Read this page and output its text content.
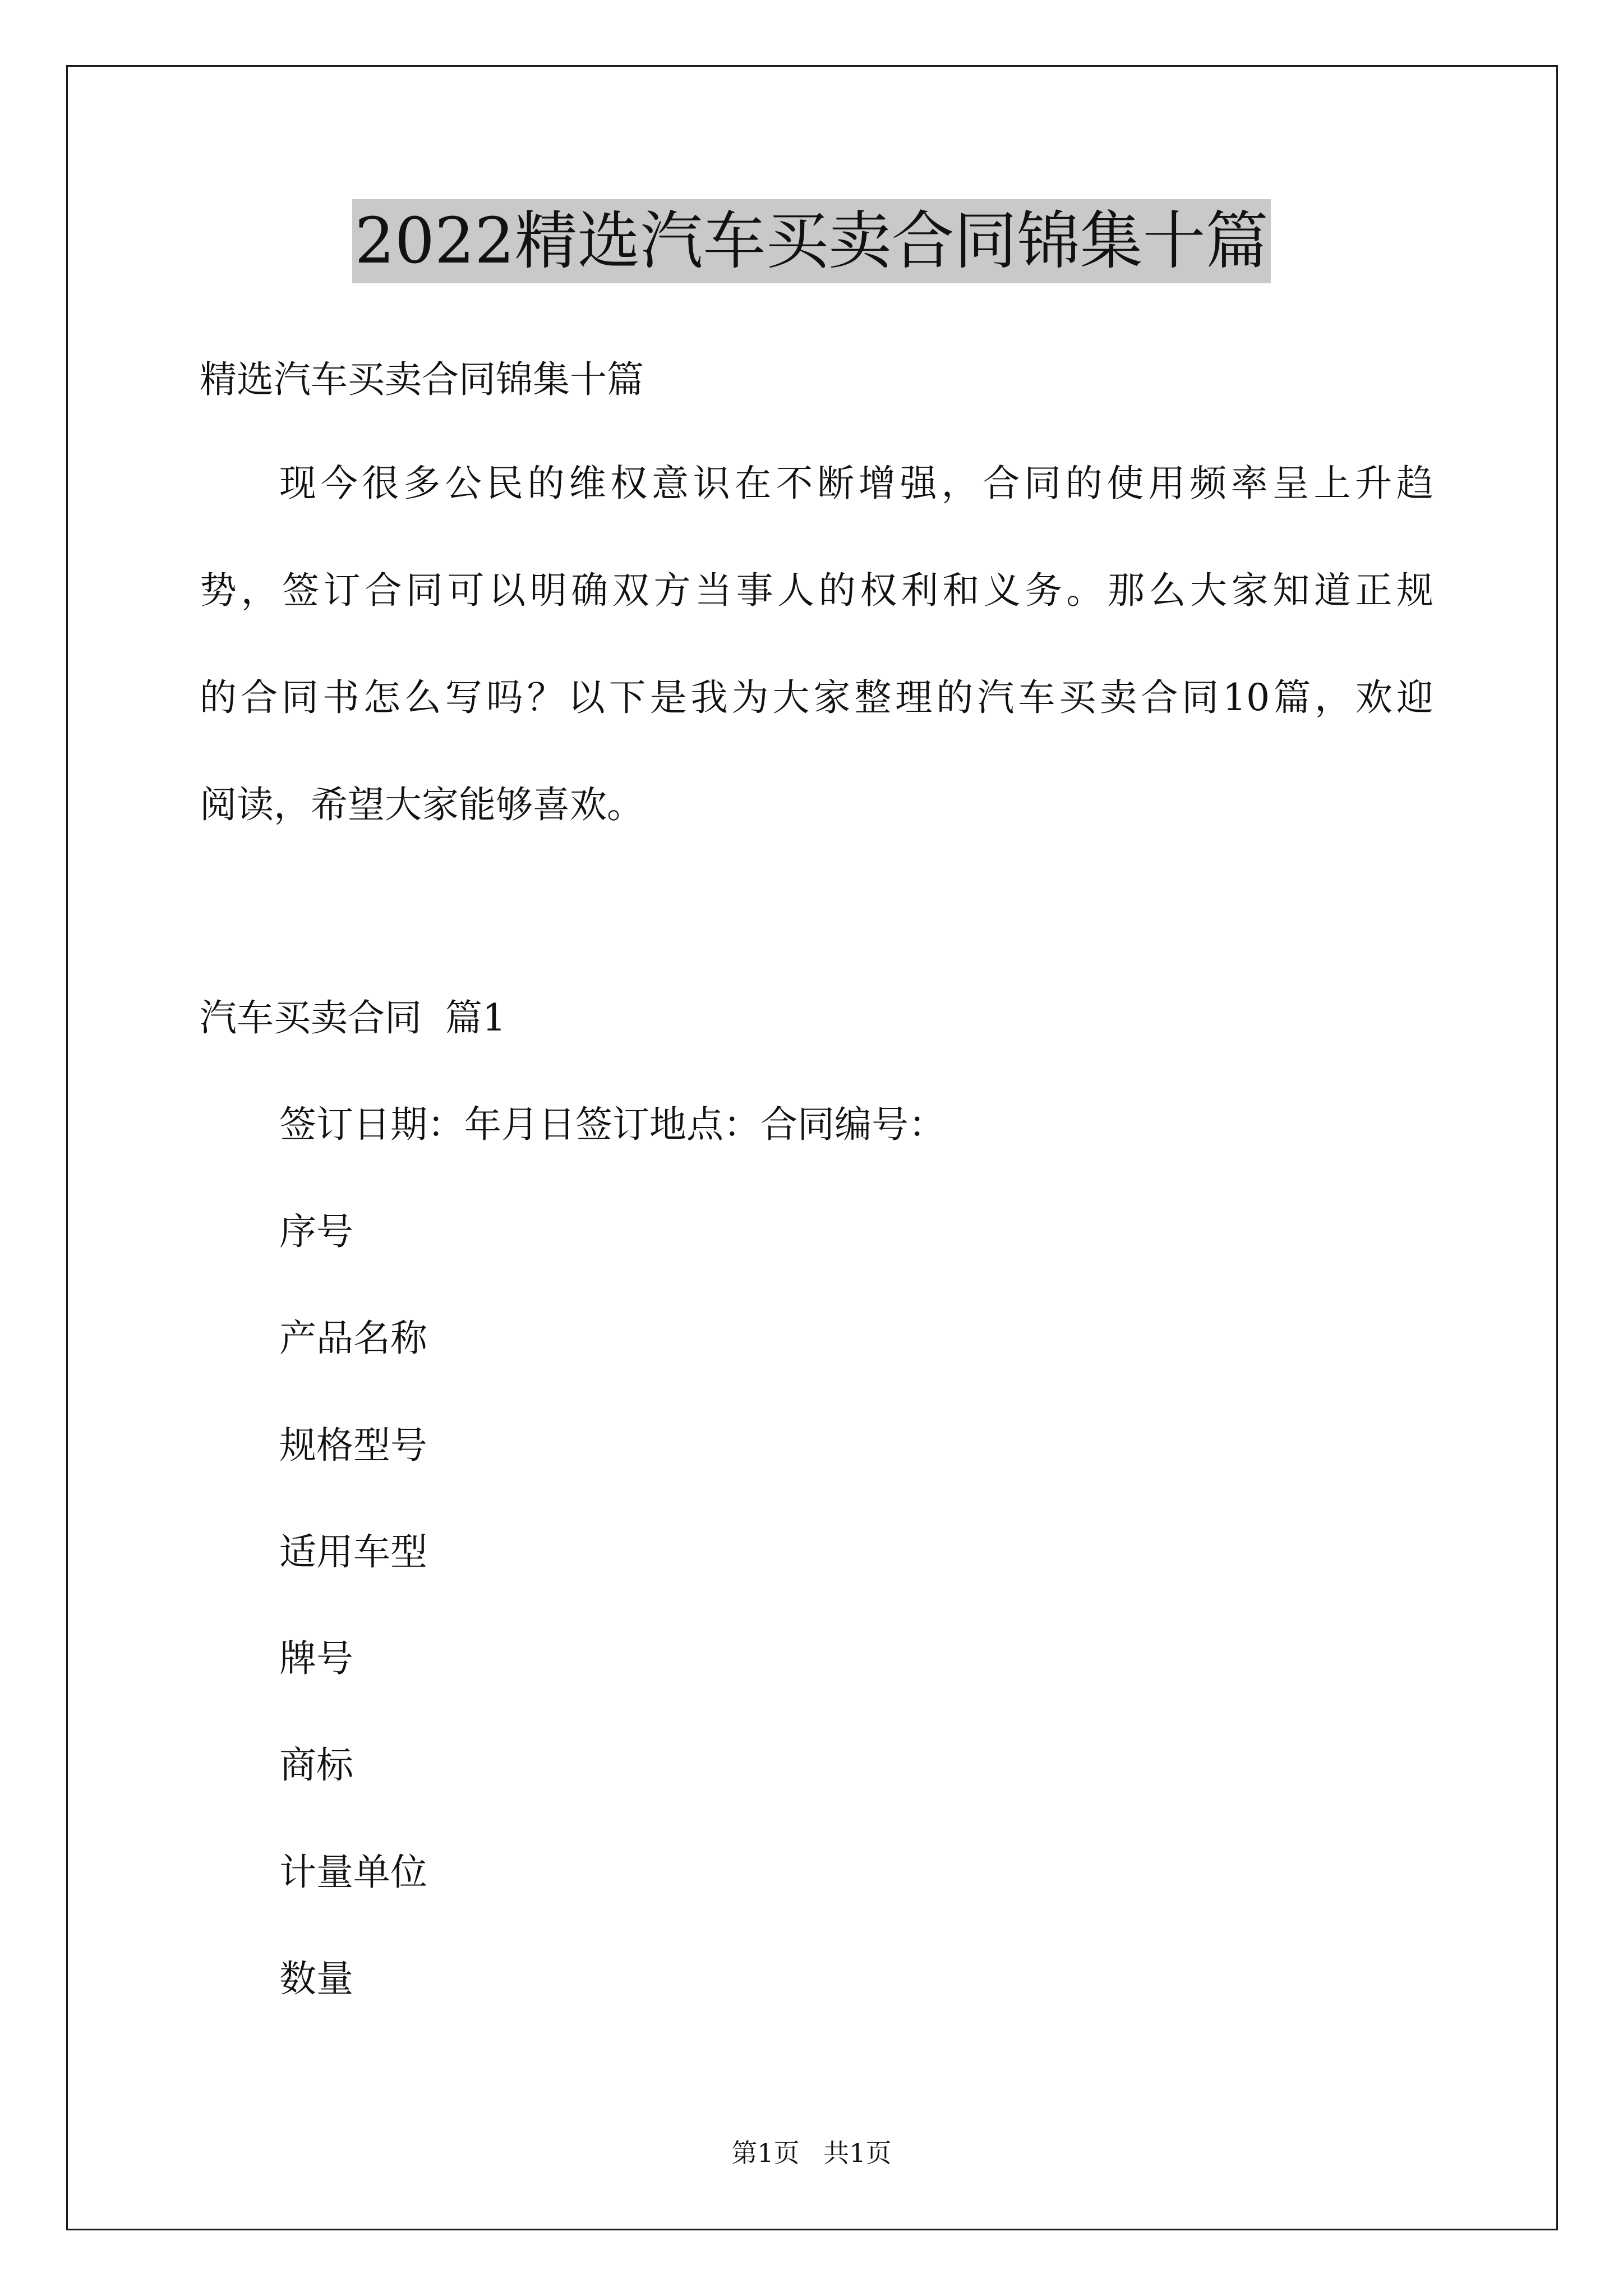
2022精选汽车买卖合同锦集十篇
精选汽车买卖合同锦集十篇
现今很多公民的维权意识在不断增强，合同的使用频率呈上升趋
势，签订合同可以明确双方当事人的权利和义务。那么大家知道正规
的合同书怎么写吗？以下是我为大家整理的汽车买卖合同10篇，欢迎
阅读，希望大家能够喜欢。
汽车买卖合同  篇1
签订日期：年月日签订地点：合同编号：
序号
产品名称
规格型号
适用车型
牌号
商标
计量单位
数量
第1页 共1页
